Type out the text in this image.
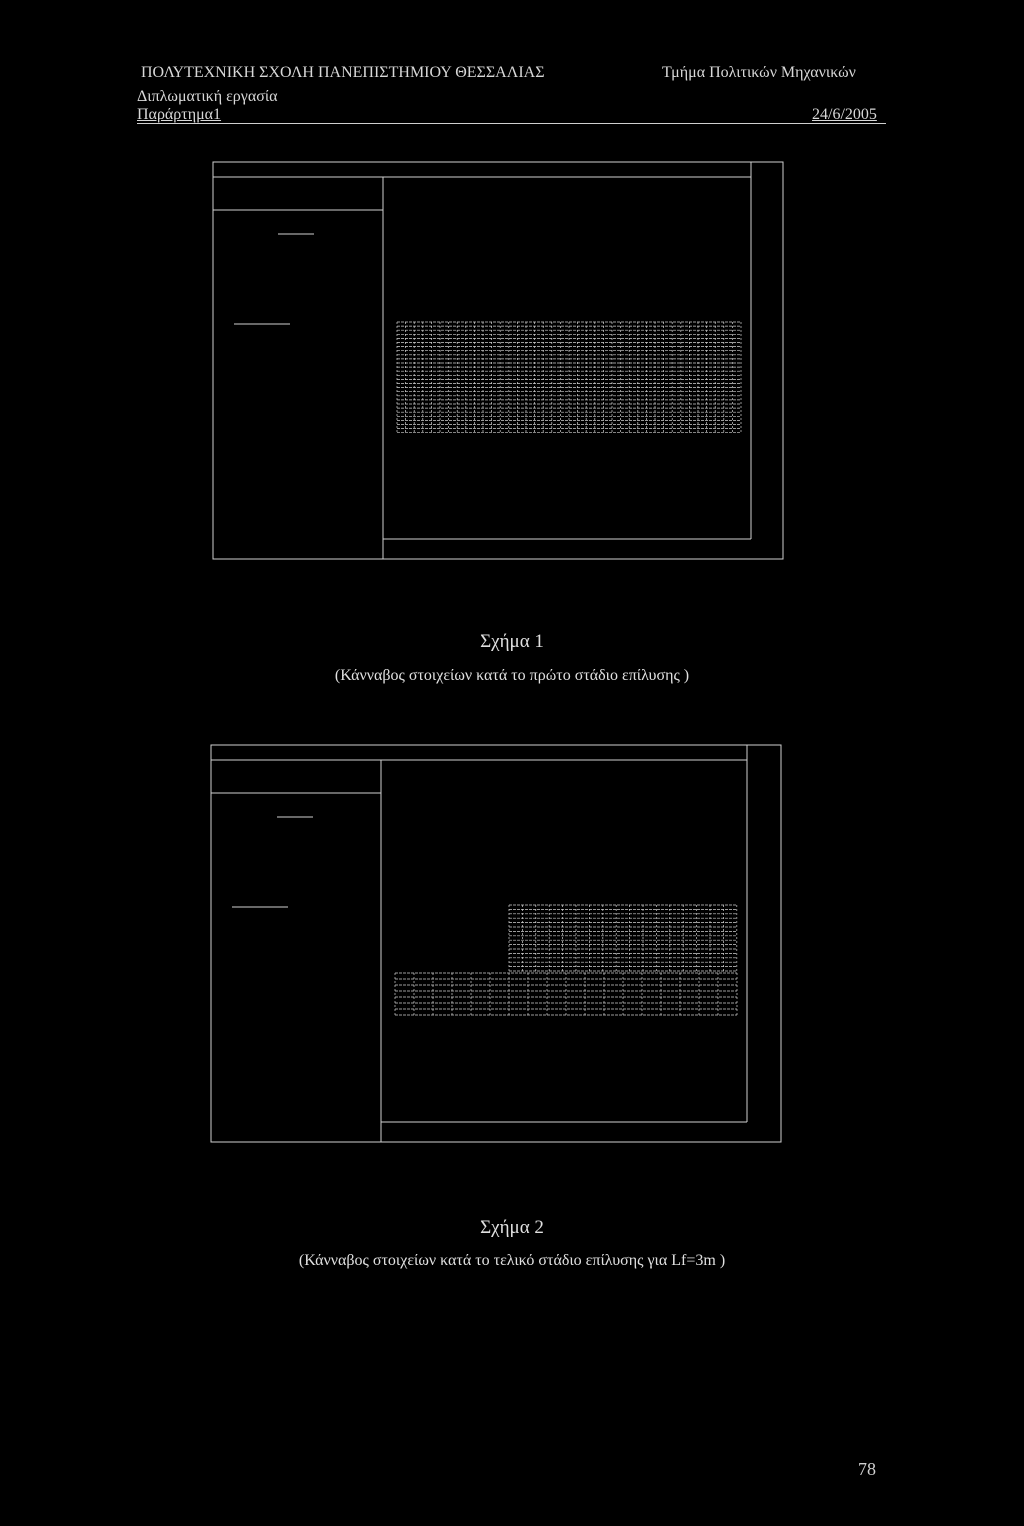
ΠΟΛΥΤΕΧΝΙΚΗ ΣΧΟΛΗ ΠΑΝΕΠΙΣΤΗΜΙΟΥ ΘΕΣΣΑΛΙΑΣ	Τμήμα Πολιτικών Μηχανικών
Διπλωματική εργασία
Παράρτημα1	24/6/2005
Σχήμα 1
(Κάνναβος στοιχείων κατά το πρώτο στάδιο επίλυσης )
Σχήμα 2
(Κάνναβος στοιχείων κατά το τελικό στάδιο επίλυσης για Lf=3m )
78
